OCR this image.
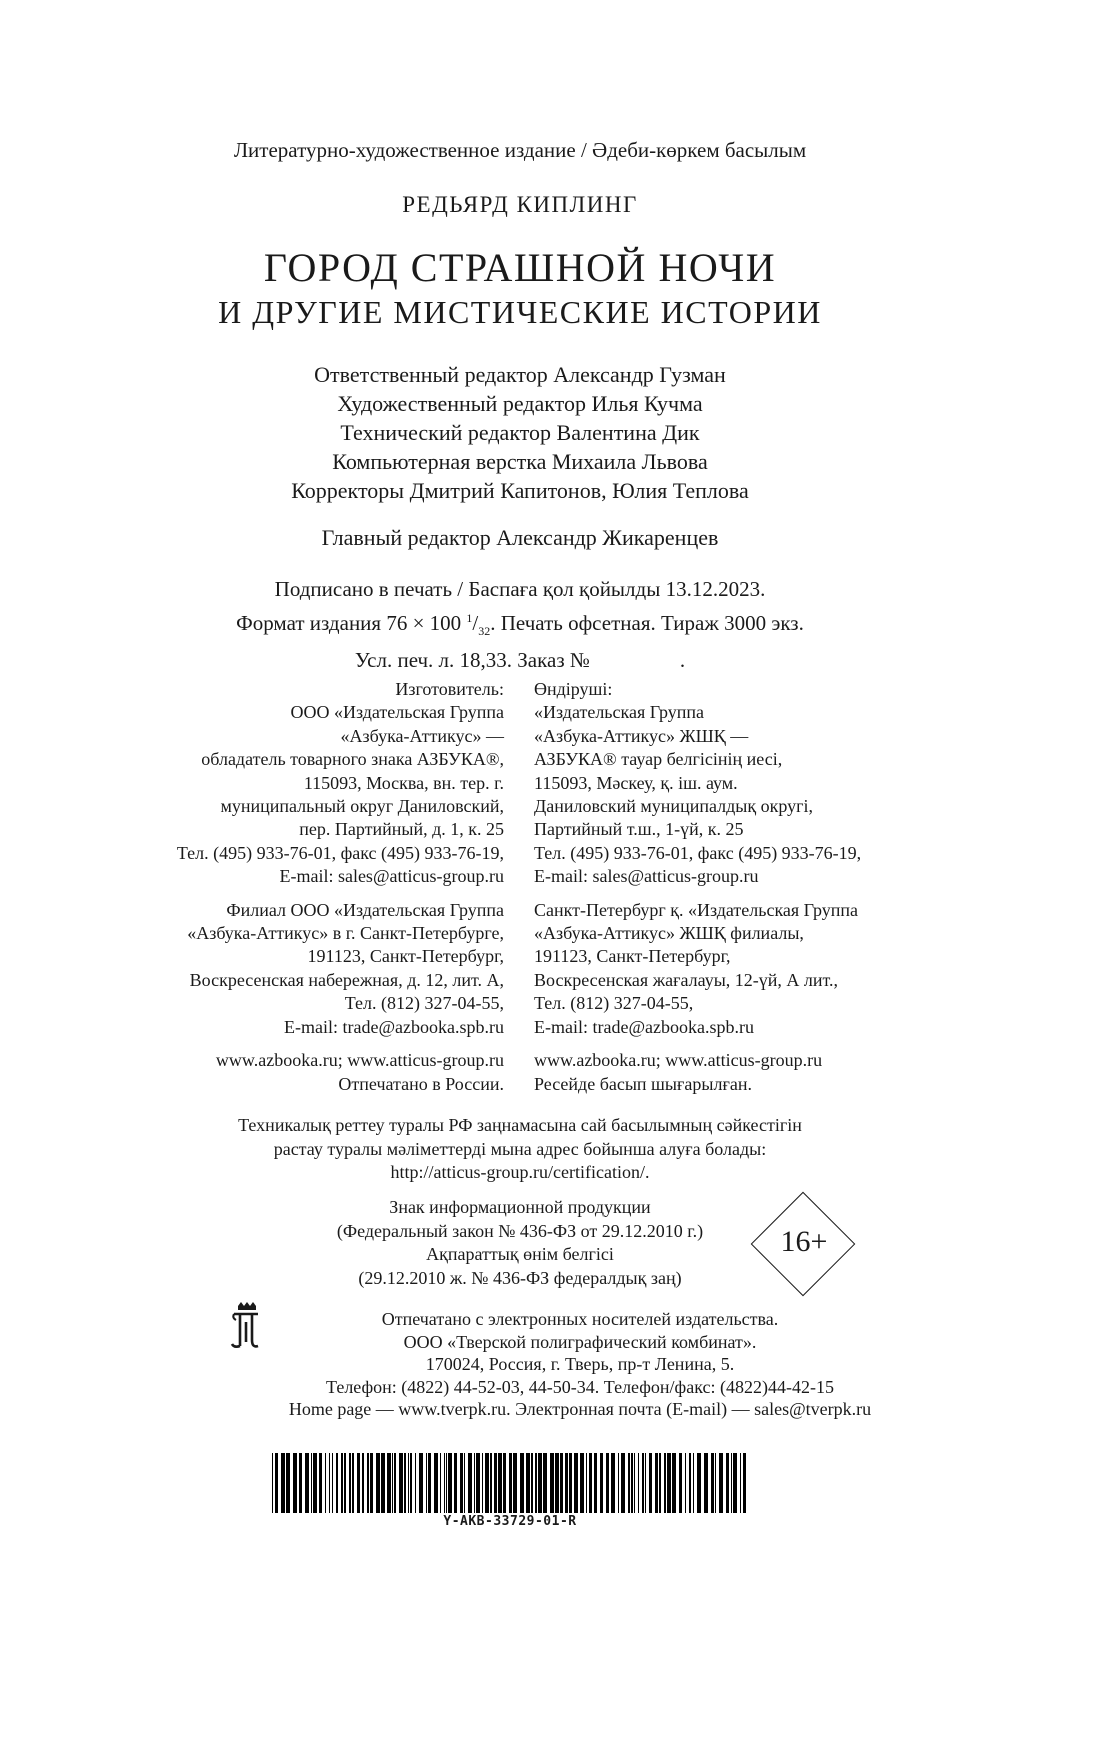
Литературно-художественное издание / Әдеби-көркем басылым
РЕДЬЯРД КИПЛИНГ
ГОРОД СТРАШНОЙ НОЧИ
И ДРУГИЕ МИСТИЧЕСКИЕ ИСТОРИИ
Ответственный редактор Александр Гузман
Художественный редактор Илья Кучма
Технический редактор Валентина Дик
Компьютерная верстка Михаила Львова
Корректоры Дмитрий Капитонов, Юлия Теплова
Главный редактор Александр Жикаренцев
Подписано в печать / Баспаға қол қойылды 13.12.2023.
Формат издания 76 × 100 $^1/_{32}$. Печать офсетная. Тираж 3000 экз.
Усл. печ. л. 18,33. Заказ №	.
Изготовитель:
ООО «Издательская Группа
«Азбука-Аттикус» —
обладатель товарного знака АЗБУКА®,
115093, Москва, вн. тер. г.
муниципальный округ Даниловский,
пер. Партийный, д. 1, к. 25
Тел. (495) 933-76-01, факс (495) 933-76-19,
E-mail: sales@atticus-group.ru
Филиал ООО «Издательская Группа
«Азбука-Аттикус» в г. Санкт-Петербурге,
191123, Санкт-Петербург,
Воскресенская набережная, д. 12, лит. А,
Тел. (812) 327-04-55,
E-mail: trade@azbooka.spb.ru
www.azbooka.ru; www.atticus-group.ru
Отпечатано в России.
Өндіруші:
«Издательская Группа
«Азбука-Аттикус» ЖШҚ —
АЗБУКА® тауар белгісінің иесі,
115093, Мәскеу, қ. іш. аум.
Даниловский муниципалдық округі,
Партийный т.ш., 1-үй, к. 25
Тел. (495) 933-76-01, факс (495) 933-76-19,
E-mail: sales@atticus-group.ru
Санкт-Петербург қ. «Издательская Группа
«Азбука-Аттикус» ЖШҚ филиалы,
191123, Санкт-Петербург,
Воскресенская жағалауы, 12-үй, А лит.,
Тел. (812) 327-04-55,
E-mail: trade@azbooka.spb.ru
www.azbooka.ru; www.atticus-group.ru
Ресейде басып шығарылған.
Техникалық реттеу туралы РФ заңнамасына сай басылымның сәйкестігін
растау туралы мәліметтерді мына адрес бойынша алуға болады:
http://atticus-group.ru/certification/.
Знак информационной продукции
(Федеральный закон № 436-ФЗ от 29.12.2010 г.)
Ақпараттық өнім белгісі
(29.12.2010 ж. № 436-ФЗ федералдық заң)
16+
Отпечатано с электронных носителей издательства.
ООО «Тверской полиграфический комбинат».
170024, Россия, г. Тверь, пр-т Ленина, 5.
Телефон: (4822) 44-52-03, 44-50-34. Телефон/факс: (4822)44-42-15
Home page — www.tverpk.ru. Электронная почта (E-mail) — sales@tverpk.ru
Y-AKB-33729-01-R
